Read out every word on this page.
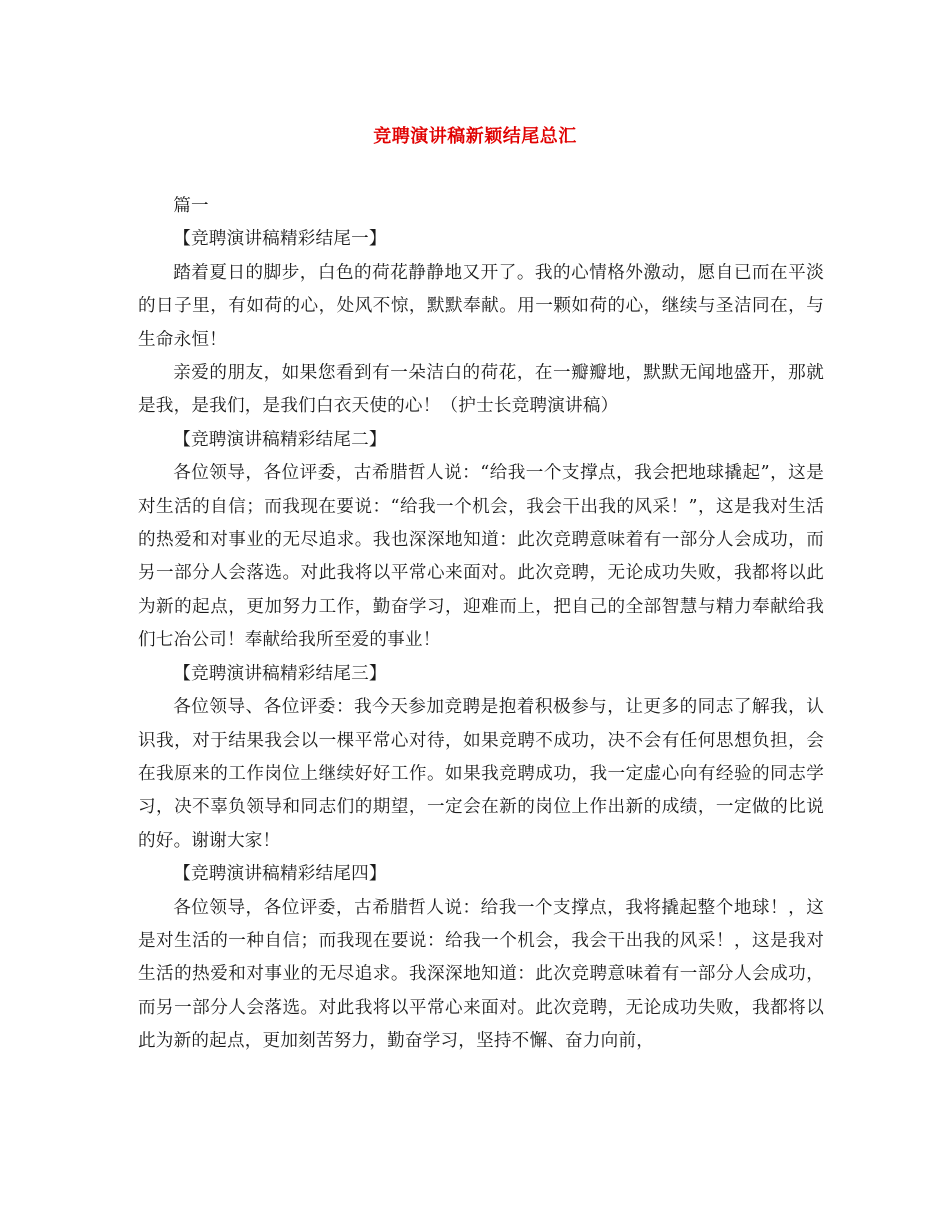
竞聘演讲稿新颖结尾总汇

篇一

【竞聘演讲稿精彩结尾一】

踏着夏日的脚步，白色的荷花静静地又开了。我的心情格外激动，愿自已而在平淡的日子里，有如荷的心，处风不惊，默默奉献。用一颗如荷的心，继续与圣洁同在，与生命永恒！

亲爱的朋友，如果您看到有一朵洁白的荷花，在一瓣瓣地，默默无闻地盛开，那就是我，是我们，是我们白衣天使的心！（护士长竞聘演讲稿）

【竞聘演讲稿精彩结尾二】

各位领导，各位评委，古希腊哲人说：“给我一个支撑点，我会把地球撬起”，这是对生活的自信；而我现在要说：“给我一个机会，我会干出我的风采！”，这是我对生活的热爱和对事业的无尽追求。我也深深地知道：此次竞聘意味着有一部分人会成功，而另一部分人会落选。对此我将以平常心来面对。此次竞聘，无论成功失败，我都将以此为新的起点，更加努力工作，勤奋学习，迎难而上，把自己的全部智慧与精力奉献给我们七冶公司！奉献给我所至爱的事业！

【竞聘演讲稿精彩结尾三】

各位领导、各位评委：我今天参加竞聘是抱着积极参与，让更多的同志了解我，认识我，对于结果我会以一棵平常心对待，如果竞聘不成功，决不会有任何思想负担，会在我原来的工作岗位上继续好好工作。如果我竞聘成功，我一定虚心向有经验的同志学习，决不辜负领导和同志们的期望，一定会在新的岗位上作出新的成绩，一定做的比说的好。谢谢大家！

【竞聘演讲稿精彩结尾四】

各位领导，各位评委，古希腊哲人说：给我一个支撑点，我将撬起整个地球！，这是对生活的一种自信；而我现在要说：给我一个机会，我会干出我的风采！，这是我对生活的热爱和对事业的无尽追求。我深深地知道：此次竞聘意味着有一部分人会成功，而另一部分人会落选。对此我将以平常心来面对。此次竞聘，无论成功失败，我都将以此为新的起点，更加刻苦努力，勤奋学习，坚持不懈、奋力向前，
